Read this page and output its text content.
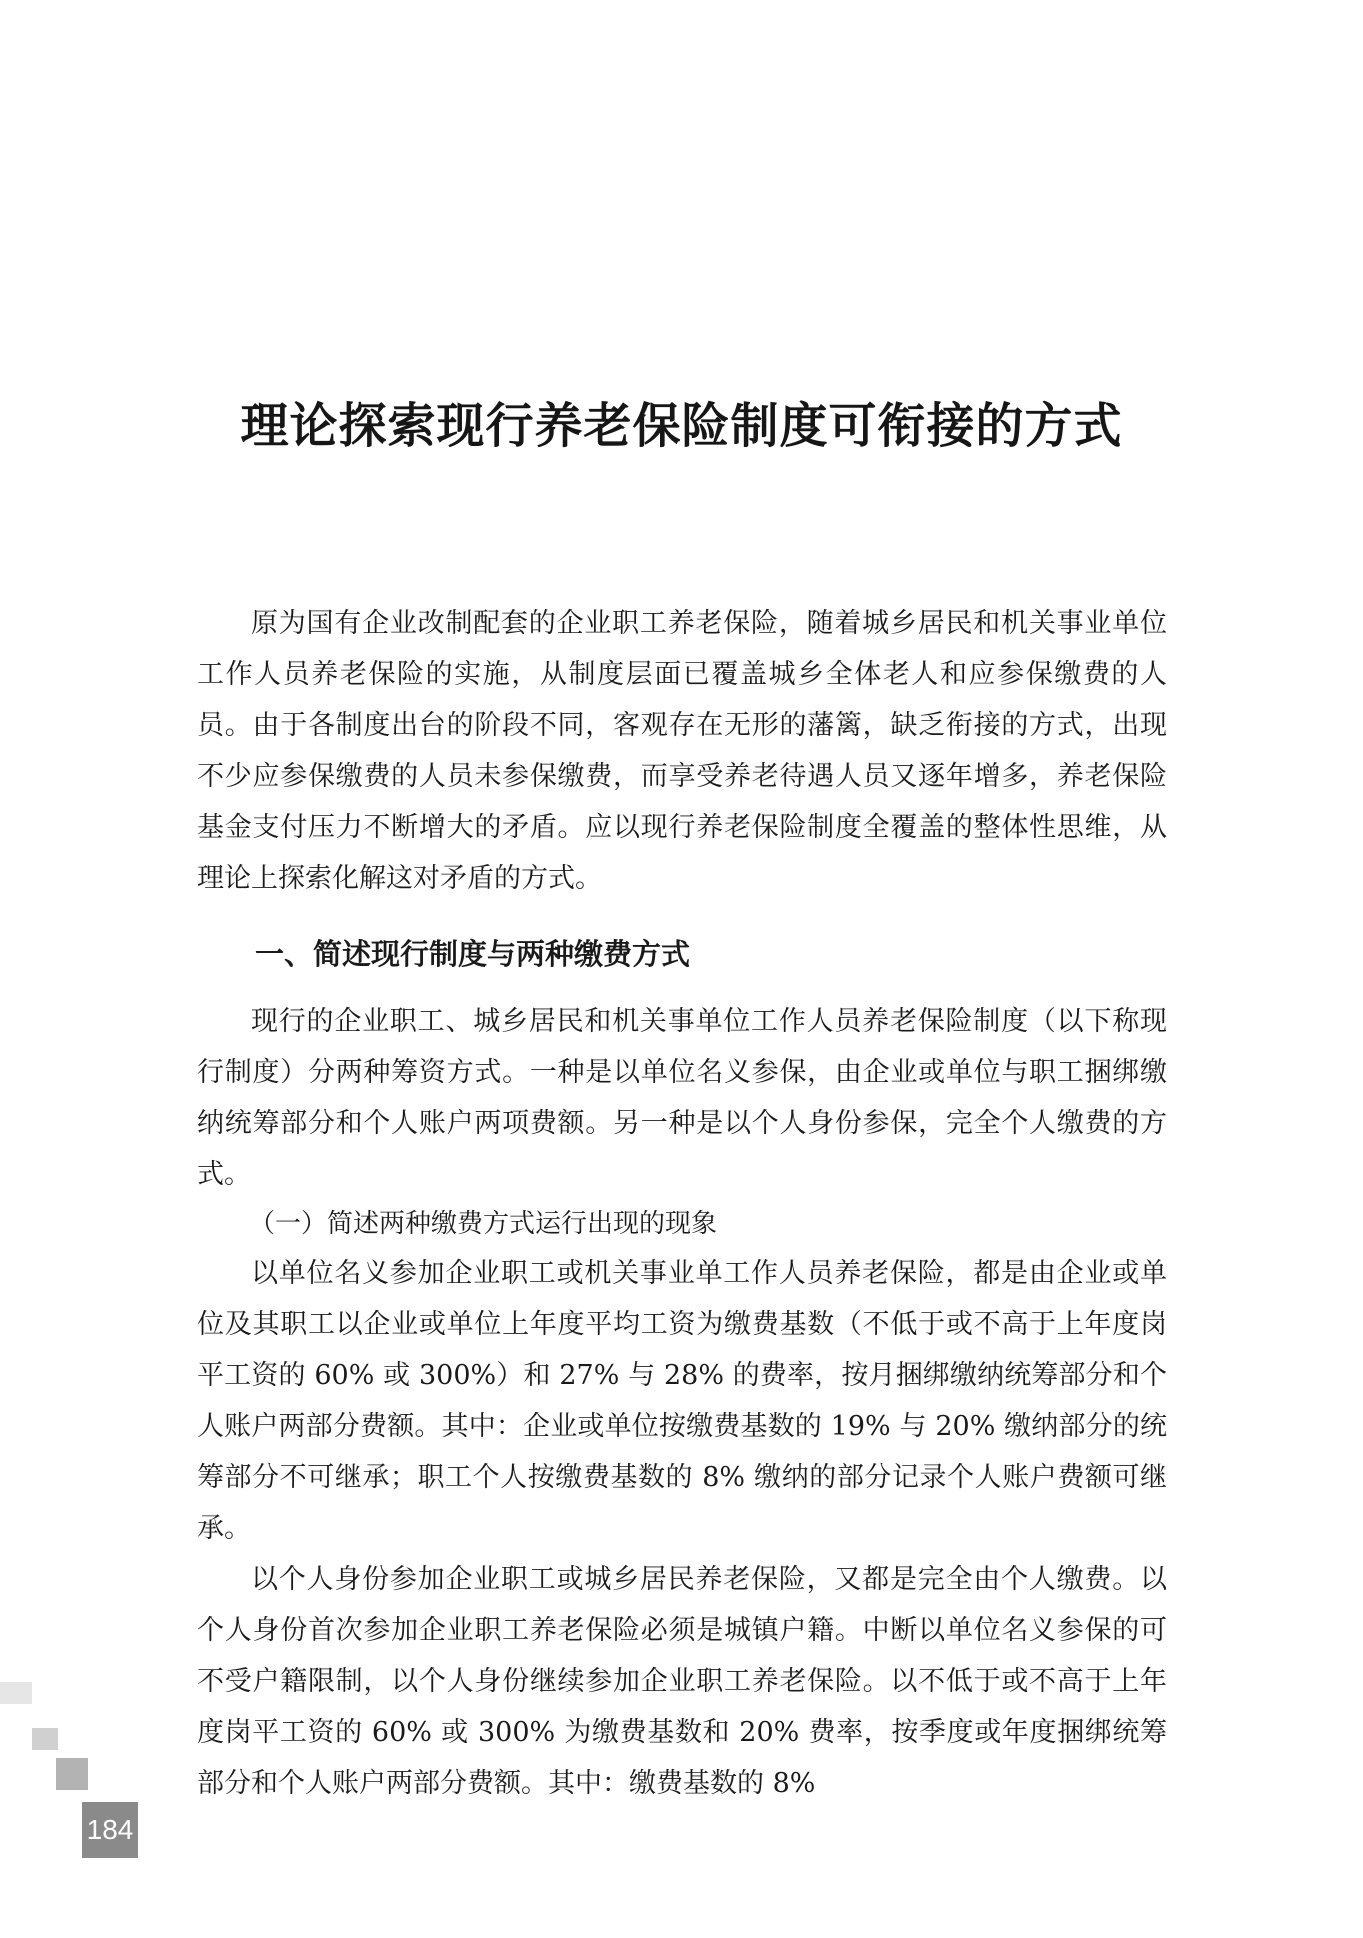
理论探索现行养老保险制度可衔接的方式

原为国有企业改制配套的企业职工养老保险，随着城乡居民和机关事业单位工作人员养老保险的实施，从制度层面已覆盖城乡全体老人和应参保缴费的人员。由于各制度出台的阶段不同，客观存在无形的藩篱，缺乏衔接的方式，出现不少应参保缴费的人员未参保缴费，而享受养老待遇人员又逐年增多，养老保险基金支付压力不断增大的矛盾。应以现行养老保险制度全覆盖的整体性思维，从理论上探索化解这对矛盾的方式。

一、简述现行制度与两种缴费方式

现行的企业职工、城乡居民和机关事单位工作人员养老保险制度（以下称现行制度）分两种筹资方式。一种是以单位名义参保，由企业或单位与职工捆绑缴纳统筹部分和个人账户两项费额。另一种是以个人身份参保，完全个人缴费的方式。

（一）简述两种缴费方式运行出现的现象

以单位名义参加企业职工或机关事业单工作人员养老保险，都是由企业或单位及其职工以企业或单位上年度平均工资为缴费基数（不低于或不高于上年度岗平工资的 60% 或 300%）和 27% 与 28% 的费率，按月捆绑缴纳统筹部分和个人账户两部分费额。其中：企业或单位按缴费基数的 19% 与 20% 缴纳部分的统筹部分不可继承；职工个人按缴费基数的 8% 缴纳的部分记录个人账户费额可继承。

以个人身份参加企业职工或城乡居民养老保险，又都是完全由个人缴费。以个人身份首次参加企业职工养老保险必须是城镇户籍。中断以单位名义参保的可不受户籍限制，以个人身份继续参加企业职工养老保险。以不低于或不高于上年度岗平工资的 60% 或 300% 为缴费基数和 20% 费率，按季度或年度捆绑统筹部分和个人账户两部分费额。其中：缴费基数的 8%

184
